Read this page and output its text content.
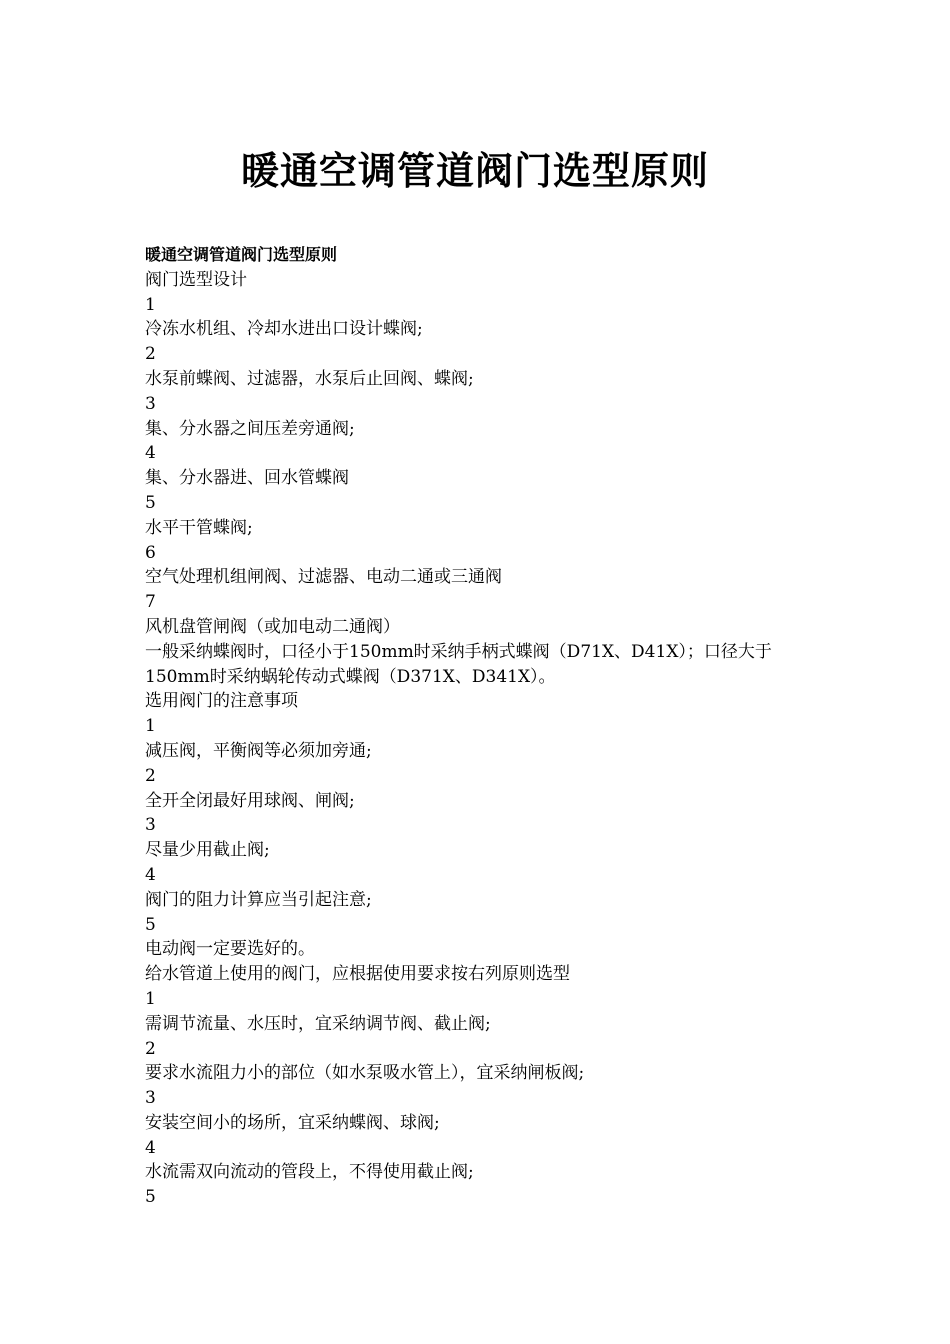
暖通空调管道阀门选型原则
暖通空调管道阀门选型原则
阀门选型设计
1
冷冻水机组、冷却水进出口设计蝶阀;
2
水泵前蝶阀、过滤器，水泵后止回阀、蝶阀;
3
集、分水器之间压差旁通阀;
4
集、分水器进、回水管蝶阀
5
水平干管蝶阀;
6
空气处理机组闸阀、过滤器、电动二通或三通阀
7
风机盘管闸阀（或加电动二通阀）
一般采纳蝶阀时，口径小于150mm时采纳手柄式蝶阀（D71X、D41X）；口径大于150mm时采纳蜗轮传动式蝶阀（D371X、D341X）。
选用阀门的注意事项
1
减压阀，平衡阀等必须加旁通;
2
全开全闭最好用球阀、闸阀;
3
尽量少用截止阀;
4
阀门的阻力计算应当引起注意;
5
电动阀一定要选好的。
给水管道上使用的阀门，应根据使用要求按右列原则选型
1
需调节流量、水压时，宜采纳调节阀、截止阀;
2
要求水流阻力小的部位（如水泵吸水管上），宜采纳闸板阀;
3
安装空间小的场所，宜采纳蝶阀、球阀;
4
水流需双向流动的管段上，不得使用截止阀;
5
